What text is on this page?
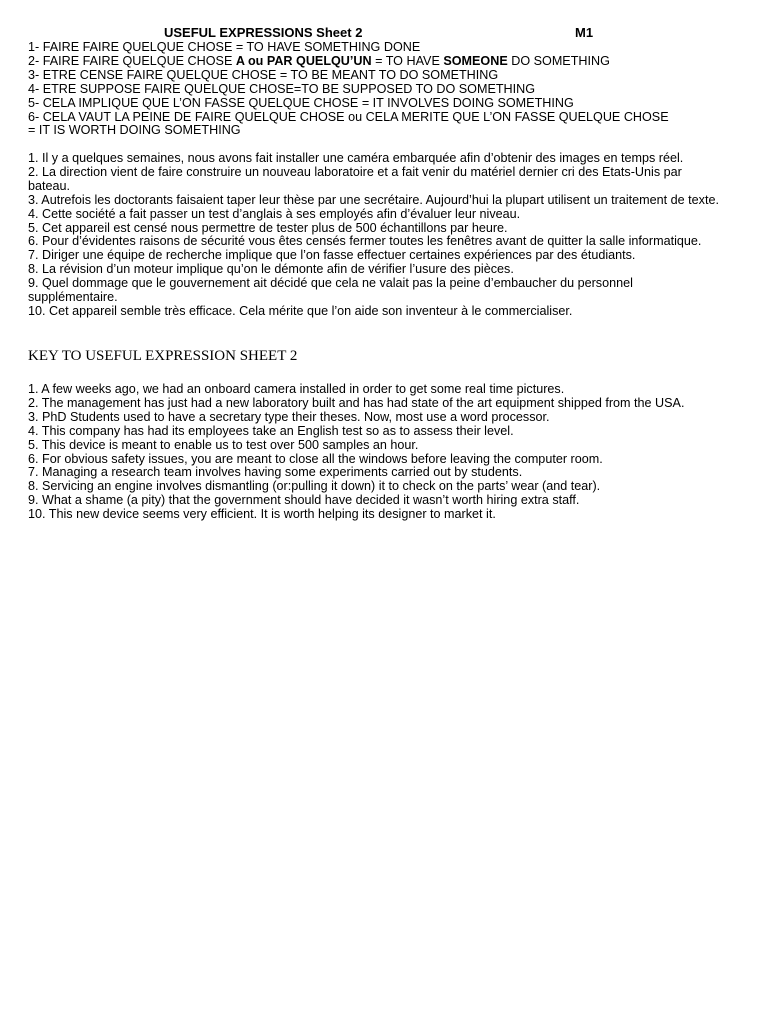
USEFUL EXPRESSIONS Sheet 2	M1
1- FAIRE FAIRE QUELQUE CHOSE = TO HAVE SOMETHING DONE
2- FAIRE FAIRE QUELQUE CHOSE A ou PAR QUELQU’UN = TO HAVE SOMEONE DO SOMETHING
3- ETRE CENSE FAIRE QUELQUE CHOSE = TO BE MEANT TO DO SOMETHING
4- ETRE SUPPOSE FAIRE QUELQUE CHOSE=TO BE SUPPOSED TO DO SOMETHING
5- CELA IMPLIQUE QUE L’ON FASSE QUELQUE CHOSE = IT INVOLVES DOING SOMETHING
6- CELA VAUT LA PEINE DE FAIRE QUELQUE CHOSE ou CELA MERITE QUE L’ON FASSE QUELQUE CHOSE
= IT IS WORTH DOING SOMETHING
1. Il y a quelques semaines, nous avons fait installer une caméra embarquée afin d’obtenir des images en temps réel.
2. La direction vient de faire construire un nouveau laboratoire et a fait venir du matériel dernier cri des Etats-Unis par bateau.
3. Autrefois les doctorants faisaient taper leur thèse par une secrétaire. Aujourd’hui la plupart utilisent un traitement de texte.
4. Cette société a fait passer un test d’anglais à ses employés afin d’évaluer leur niveau.
5. Cet appareil est censé nous permettre de tester plus de 500 échantillons par heure.
6. Pour d’évidentes raisons de sécurité vous êtes censés fermer toutes les fenêtres avant de quitter la salle informatique.
7. Diriger une équipe de recherche implique que l’on fasse effectuer certaines expériences par des étudiants.
8. La révision d’un moteur implique qu’on le démonte afin de vérifier l’usure des pièces.
9. Quel dommage que le gouvernement ait décidé que cela ne valait pas la peine d’embaucher du personnel supplémentaire.
10. Cet appareil semble très efficace. Cela mérite que l’on aide son inventeur à le commercialiser.
KEY TO USEFUL EXPRESSION SHEET 2
1. A few weeks ago, we had an onboard camera installed in order to get some real time pictures.
2. The management has just had a new laboratory built and has had state of the art equipment shipped from the USA.
3. PhD Students used to have a secretary type their theses. Now, most use a word processor.
4. This company has had its employees take an English test so as to assess their level.
5. This device is meant to enable us to test over 500 samples an hour.
6. For obvious safety issues, you are meant to close all the windows before leaving the computer room.
7. Managing a research team involves having some experiments carried out by students.
8. Servicing an engine involves dismantling (or:pulling it down) it to check on the parts’ wear (and tear).
9. What a shame (a pity) that the government should have decided it wasn’t worth hiring extra staff.
10. This new device seems very efficient. It is worth helping its designer to market it.
